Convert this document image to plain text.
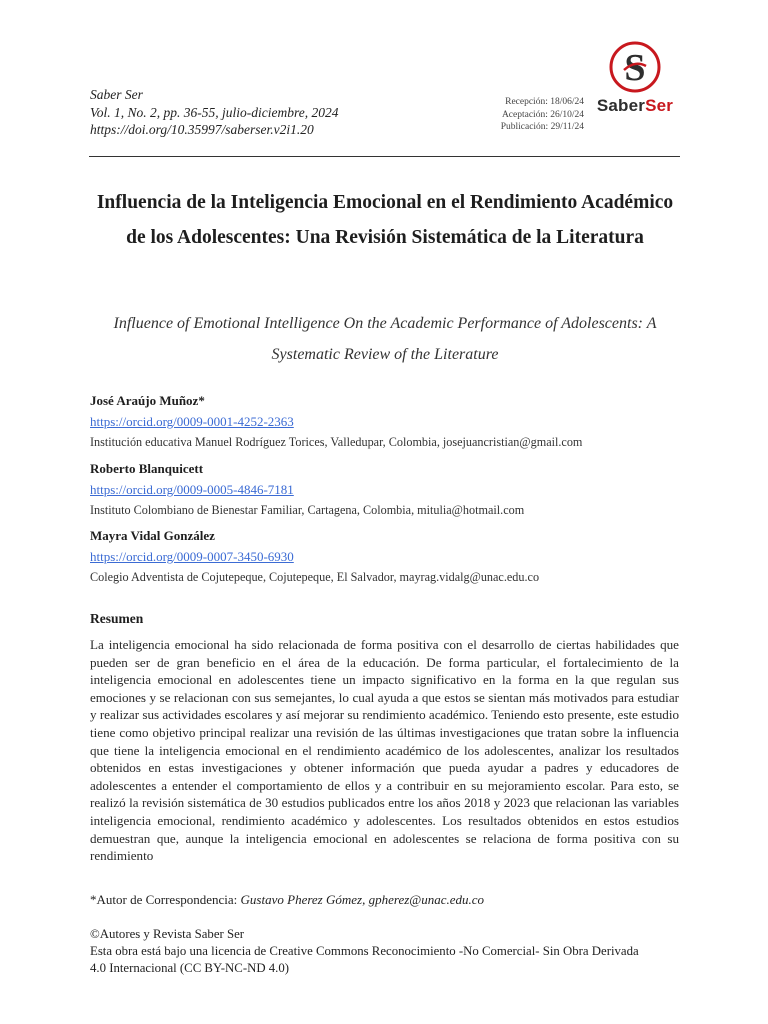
Saber Ser
Vol. 1, No. 2, pp. 36-55, julio-diciembre, 2024
https://doi.org/10.35997/saberser.v2i1.20
Recepción: 18/06/24
Aceptación: 26/10/24
Publicación: 29/11/24
S
SaberSer
Influencia de la Inteligencia Emocional en el Rendimiento Académico de los Adolescentes: Una Revisión Sistemática de la Literatura
Influence of Emotional Intelligence On the Academic Performance of Adolescents: A Systematic Review of the Literature
José Araújo Muñoz*
https://orcid.org/0009-0001-4252-2363
Institución educativa Manuel Rodríguez Torices, Valledupar, Colombia, josejuancristian@gmail.com
Roberto Blanquicett
https://orcid.org/0009-0005-4846-7181
Instituto Colombiano de Bienestar Familiar, Cartagena, Colombia, mitulia@hotmail.com
Mayra Vidal González
https://orcid.org/0009-0007-3450-6930
Colegio Adventista de Cojutepeque, Cojutepeque, El Salvador, mayrag.vidalg@unac.edu.co
Resumen
La inteligencia emocional ha sido relacionada de forma positiva con el desarrollo de ciertas habilidades que pueden ser de gran beneficio en el área de la educación. De forma particular, el fortalecimiento de la inteligencia emocional en adolescentes tiene un impacto significativo en la forma en la que regulan sus emociones y se relacionan con sus semejantes, lo cual ayuda a que estos se sientan más motivados para estudiar y realizar sus actividades escolares y así mejorar su rendimiento académico. Teniendo esto presente, este estudio tiene como objetivo principal realizar una revisión de las últimas investigaciones que tratan sobre la influencia que tiene la inteligencia emocional en el rendimiento académico de los adolescentes, analizar los resultados obtenidos en estas investigaciones y obtener información que pueda ayudar a padres y educadores de adolescentes a entender el comportamiento de ellos y a contribuir en su mejoramiento escolar. Para esto, se realizó la revisión sistemática de 30 estudios publicados entre los años 2018 y 2023 que relacionan las variables inteligencia emocional, rendimiento académico y adolescentes. Los resultados obtenidos en estos estudios demuestran que, aunque la inteligencia emocional en adolescentes se relaciona de forma positiva con su rendimiento
*Autor de Correspondencia: Gustavo Pherez Gómez, gpherez@unac.edu.co
©Autores y Revista Saber Ser
Esta obra está bajo una licencia de Creative Commons Reconocimiento -No Comercial- Sin Obra Derivada
4.0 Internacional (CC BY-NC-ND 4.0)
